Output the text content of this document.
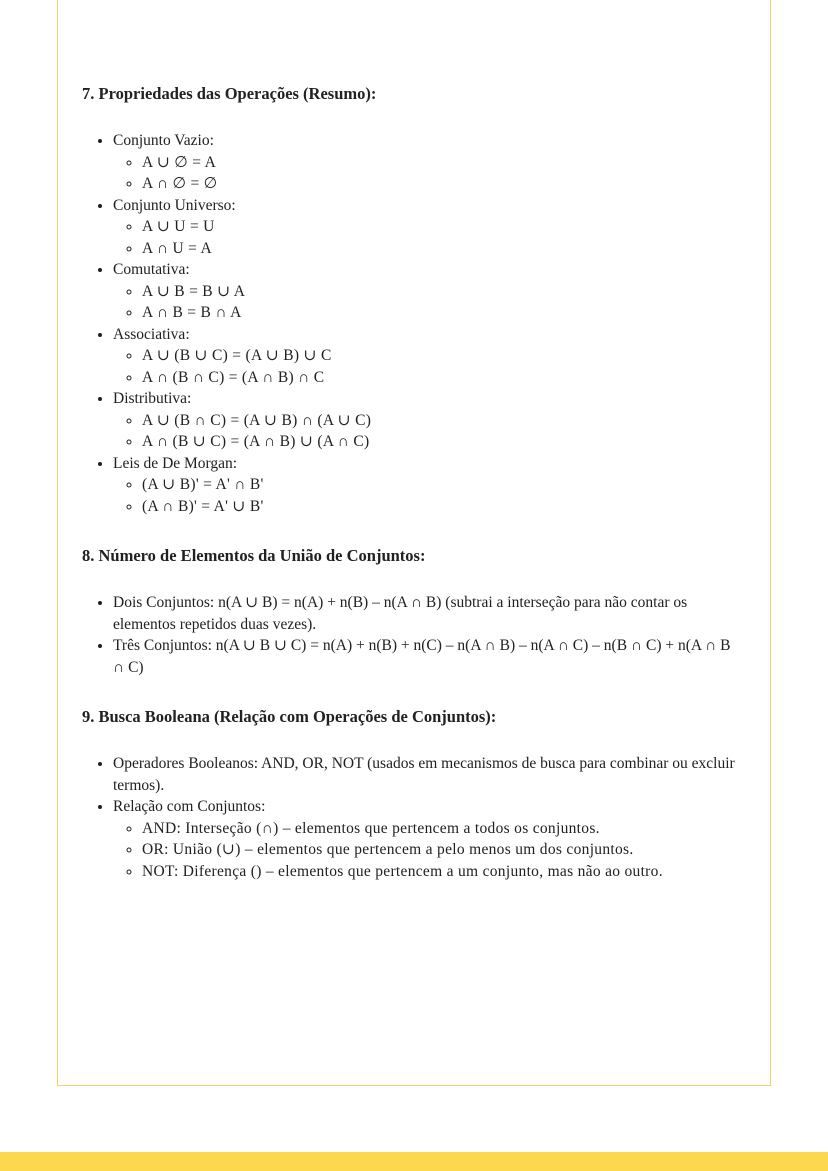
7. Propriedades das Operações (Resumo):
• Conjunto Vazio:
◦ A ∪ ∅ = A
◦ A ∩ ∅ = ∅
• Conjunto Universo:
◦ A ∪ U = U
◦ A ∩ U = A
• Comutativa:
◦ A ∪ B = B ∪ A
◦ A ∩ B = B ∩ A
• Associativa:
◦ A ∪ (B ∪ C) = (A ∪ B) ∪ C
◦ A ∩ (B ∩ C) = (A ∩ B) ∩ C
• Distributiva:
◦ A ∪ (B ∩ C) = (A ∪ B) ∩ (A ∪ C)
◦ A ∩ (B ∪ C) = (A ∩ B) ∪ (A ∩ C)
• Leis de De Morgan:
◦ (A ∪ B)' = A' ∩ B'
◦ (A ∩ B)' = A' ∪ B'
8. Número de Elementos da União de Conjuntos:
• Dois Conjuntos: n(A ∪ B) = n(A) + n(B) – n(A ∩ B) (subtrai a interseção para não contar os elementos repetidos duas vezes).
• Três Conjuntos: n(A ∪ B ∪ C) = n(A) + n(B) + n(C) – n(A ∩ B) – n(A ∩ C) – n(B ∩ C) + n(A ∩ B ∩ C)
9. Busca Booleana (Relação com Operações de Conjuntos):
• Operadores Booleanos: AND, OR, NOT (usados em mecanismos de busca para combinar ou excluir termos).
• Relação com Conjuntos:
◦ AND: Interseção (∩) – elementos que pertencem a todos os conjuntos.
◦ OR: União (∪) – elementos que pertencem a pelo menos um dos conjuntos.
◦ NOT: Diferença () – elementos que pertencem a um conjunto, mas não ao outro.
